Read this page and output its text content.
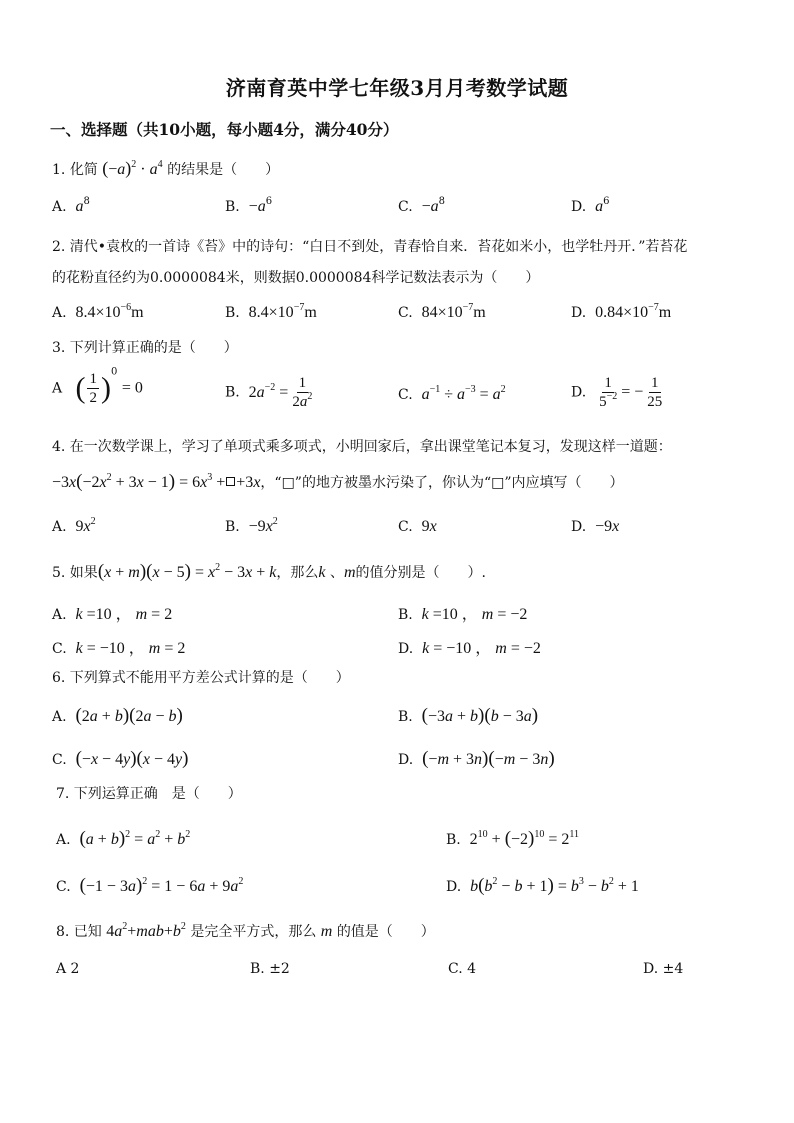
济南育英中学七年级3月月考数学试题
一、选择题（共10小题，每小题4分，满分40分）
1. 化简 $(-a)^2 \cdot a^4$ 的结果是（　　）
A. $a^8$	B. $-a^6$	C. $-a^8$	D. $a^6$
2. 清代•袁枚的一首诗《苔》中的诗句：“白日不到处，青春恰自来．苔花如米小，也学牡丹开．”若苔花
的花粉直径约为0.0000084米，则数据0.0000084科学记数法表示为（　　）
A. $8.4\times 10^{-6}m$	B. $8.4\times 10^{-7}m$	C. $84\times 10^{-7}m$	D. $0.84\times 10^{-7}m$
3. 下列计算正确的是（　　）
A ( $\frac{1}{2} )^0 = 0$	B. $2a^{-2} = \frac{1}{2a^2}$	C. $a^{-1} \div a^{-3} = a^2$	D. $\frac{1}{5^{-2}}$ = − $\frac{1}{25}$
4. 在一次数学课上，学习了单项式乘多项式，小明回家后，拿出课堂笔记本复习，发现这样一道题：
$-3x(-2x^2 + 3x - 1) = 6x^3 + +3x$，“□”的地方被墨水污染了，你认为“□”内应填写（　　）
A. $9x^2$	B. $-9x^2$	C. 9x	D. −9x
5. 如果$(x + m)(x - 5) = x^2 - 3x + k$，那么k 、m的值分别是（　　）.
A. k =10 ， m = 2	B. k =10 ， m = −2
C. k = −10 ， m = 2	D. k = −10 ， m = −2
6. 下列算式不能用平方差公式计算的是（　　）
A. (2a + b)(2a − b)	B. (−3a + b)(b − 3a)
C. (−x − 4y)(x − 4y)	D. (−m + 3n)(−m − 3n)
7. 下列运算正确　是（　　）
A. $(a + b)^2 = a^2 + b^2$	B. $2^{10} + (-2)^{10} = 2^{11}$
C. $(-1 - 3a)^2 = 1 - 6a + 9a^2$	D. $b(b^2 - b + 1) = b^3 - b^2 + 1$
8. 已知 $4a^2+mab+b^2$ 是完全平方式，那么 m 的值是（　　）
A 2	B. ±2	C. 4	D. ±4
